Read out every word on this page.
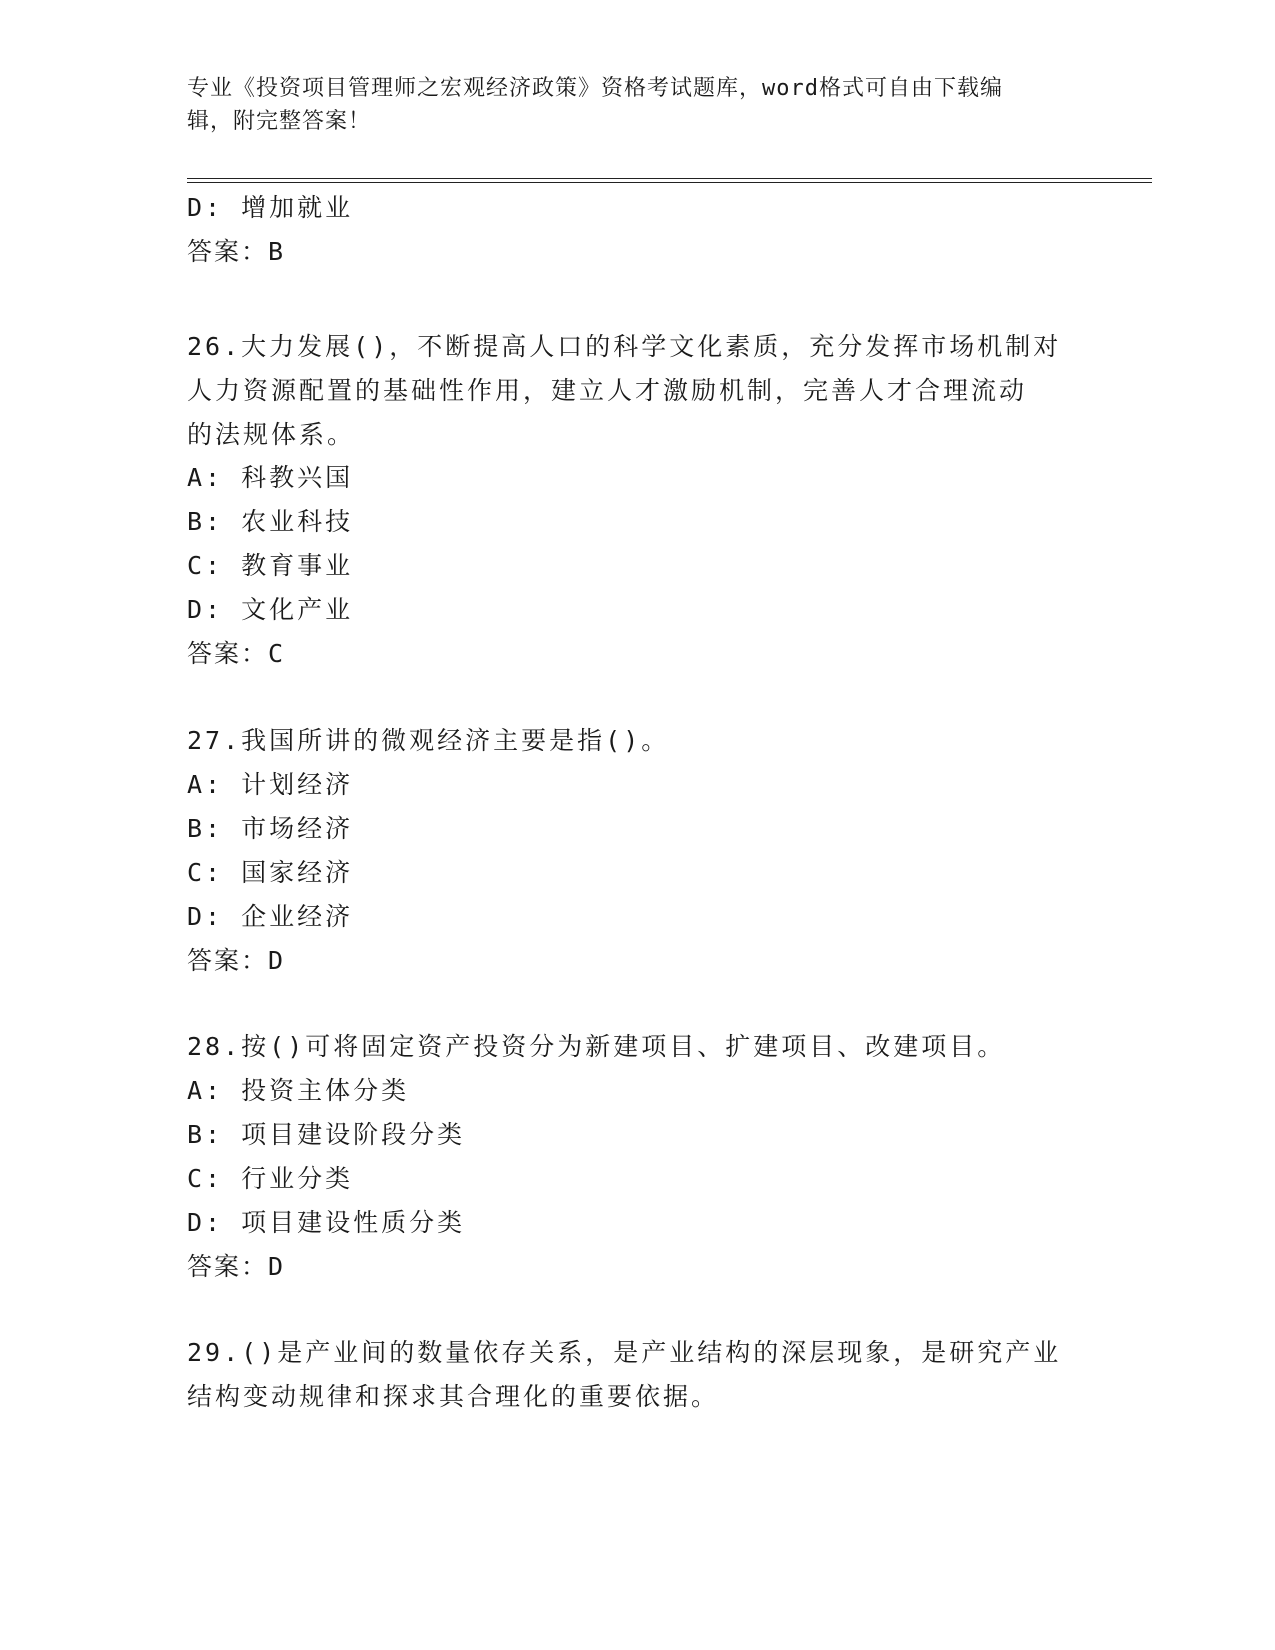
专业《投资项目管理师之宏观经济政策》资格考试题库，word格式可自由下载编
辑，附完整答案！
D: 增加就业
答案：B
26.大力发展()，不断提高人口的科学文化素质，充分发挥市场机制对
人力资源配置的基础性作用，建立人才激励机制，完善人才合理流动
的法规体系。
A: 科教兴国
B: 农业科技
C: 教育事业
D: 文化产业
答案：C
27.我国所讲的微观经济主要是指()。
A: 计划经济
B: 市场经济
C: 国家经济
D: 企业经济
答案：D
28.按()可将固定资产投资分为新建项目、扩建项目、改建项目。
A: 投资主体分类
B: 项目建设阶段分类
C: 行业分类
D: 项目建设性质分类
答案：D
29.()是产业间的数量依存关系，是产业结构的深层现象，是研究产业
结构变动规律和探求其合理化的重要依据。
